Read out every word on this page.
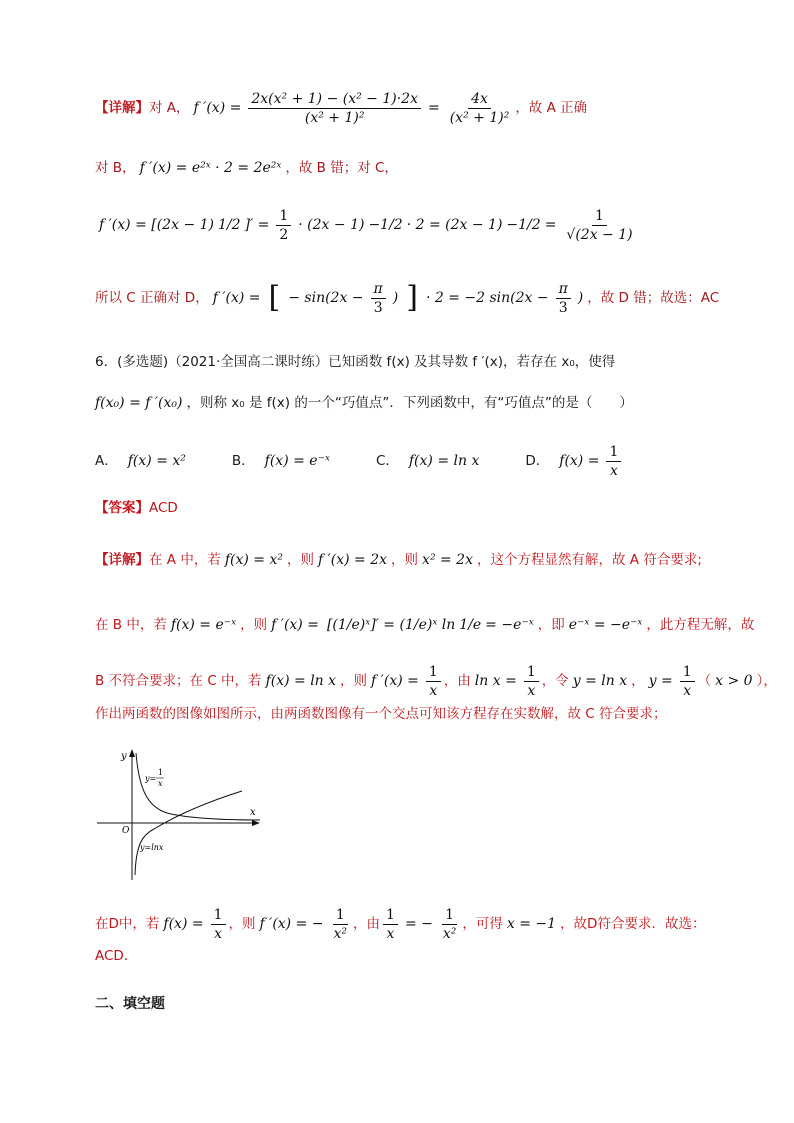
【详解】 对 A， f $'(x) = \frac{\text{2x(x² + 1) − (x² − 1)·2x}}{\text{(x² + 1)²}} = \frac{4x}{\text{(x² + 1)²}}$ ，故 A 正确
对 B， f ′(x) = e²ˣ · 2 = 2e²ˣ ，故 B 错；对 C，
f ′(x) = [(2x − 1) 1/2 ]′ = $\frac{1}{2} \cdot (2x - 1) -1/2 \cdot 2 = (2x - 1) -1/2 = \frac{1}{√(2x - 1)}$
所以 C 正确对 D， f ′(x) = [ − $\sin(2x - \frac{\pi}{3}$ ) ] · 2 = −2 $\sin(2x - \frac{\pi}{3}$ ) ，故 D 错；故选：AC
6．(多选题)（2021·全国高二课时练）已知函数 f(x) 及其导数 f ′(x)，若存在 x₀，使得
f(x₀) = f ′(x₀) ，则称 x₀ 是 f(x) 的一个“巧值点”．下列函数中，有“巧值点”的是（　　）
A． f(x) = x²	B． f(x) = e⁻ˣ	C． f(x) = ln x	D． $f(x) = \frac{1}{x}$
【答案】 ACD
【详解】 在 A 中，若 f(x) = x² ，则 f ′(x) = 2x ，则 x² = 2x ，这个方程显然有解，故 A 符合要求;
在 B 中，若 f(x) = e⁻ˣ ，则 f ′(x) = [(1/e)ˣ]′ = (1/e)ˣ ln 1/e = −e⁻ˣ ，即 e⁻ˣ = −e⁻ˣ ，此方程无解，故
B 不符合要求；在 C 中，若 f(x) = ln x ，则 f $'(x) = \frac{1}{x}$ ，由 $\ln x = \frac{1}{x}$ ，令 y = ln x ， $y = \frac{1}{x}$ （ x > 0 ），
作出两函数的图像如图所示，由两函数图像有一个交点可知该方程存在实数解，故 C 符合要求；
y
x
O
y=
1
x
y=lnx
在D中，若 $f(x) = \frac{1}{x}$ ，则 f ′(x) = − $\frac{1}{\text{x²}}$ ，由 $\frac{1}{x}$ = − $\frac{1}{\text{x²}}$ ，可得 x = −1 ，故D符合要求．故选：
ACD．
二、填空题
